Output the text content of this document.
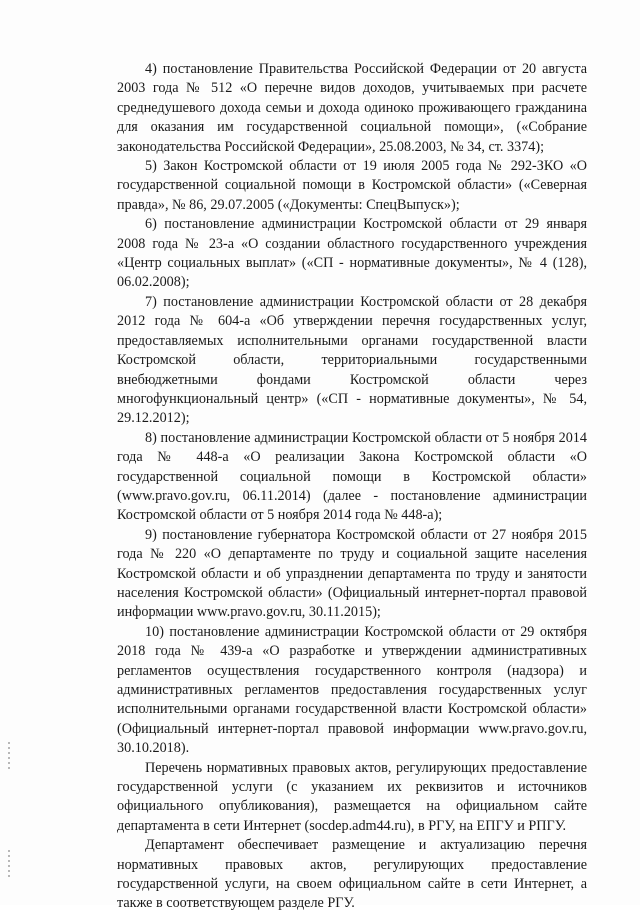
4) постановление Правительства Российской Федерации от 20 августа 2003 года № 512 «О перечне видов доходов, учитываемых при расчете среднедушевого дохода семьи и дохода одиноко проживающего гражданина для оказания им государственной социальной помощи», («Собрание законодательства Российской Федерации», 25.08.2003, № 34, ст. 3374);

5) Закон Костромской области от 19 июля 2005 года № 292-ЗКО «О государственной социальной помощи в Костромской области» («Северная правда», № 86, 29.07.2005 («Документы: СпецВыпуск»);

6) постановление администрации Костромской области от 29 января 2008 года № 23-а «О создании областного государственного учреждения «Центр социальных выплат» («СП - нормативные документы», № 4 (128), 06.02.2008);

7) постановление администрации Костромской области от 28 декабря 2012 года № 604-а «Об утверждении перечня государственных услуг, предоставляемых исполнительными органами государственной власти Костромской области, территориальными государственными внебюджетными фондами Костромской области через многофункциональный центр» («СП - нормативные документы», № 54, 29.12.2012);

8) постановление администрации Костромской области от 5 ноября 2014 года № 448-а «О реализации Закона Костромской области «О государственной социальной помощи в Костромской области» (www.pravo.gov.ru, 06.11.2014) (далее - постановление администрации Костромской области от 5 ноября 2014 года № 448-а);

9) постановление губернатора Костромской области от 27 ноября 2015 года № 220 «О департаменте по труду и социальной защите населения Костромской области и об упразднении департамента по труду и занятости населения Костромской области» (Официальный интернет-портал правовой информации www.pravo.gov.ru, 30.11.2015);

10) постановление администрации Костромской области от 29 октября 2018 года № 439-а «О разработке и утверждении административных регламентов осуществления государственного контроля (надзора) и административных регламентов предоставления государственных услуг исполнительными органами государственной власти Костромской области» (Официальный интернет-портал правовой информации www.pravo.gov.ru, 30.10.2018).

Перечень нормативных правовых актов, регулирующих предоставление государственной услуги (с указанием их реквизитов и источников официального опубликования), размещается на официальном сайте департамента в сети Интернет (socdep.adm44.ru), в РГУ, на ЕПГУ и РПГУ.

Департамент обеспечивает размещение и актуализацию перечня нормативных правовых актов, регулирующих предоставление государственной услуги, на своем официальном сайте в сети Интернет, а также в соответствующем разделе РГУ.
